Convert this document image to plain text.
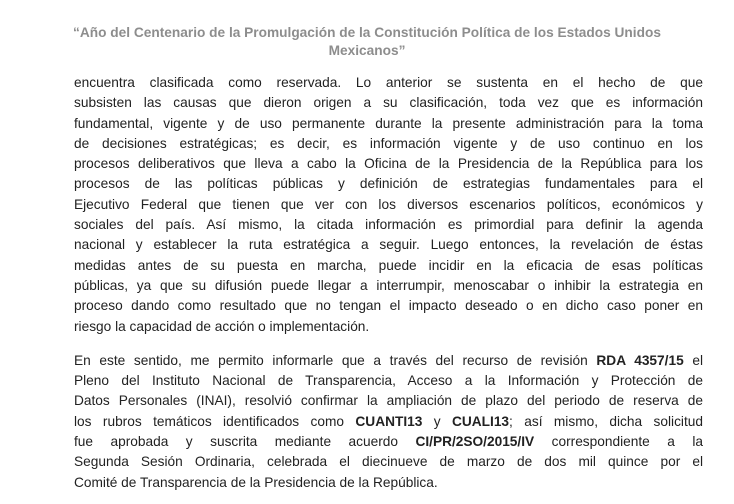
“Año del Centenario de la Promulgación de la Constitución Política de los Estados Unidos
Mexicanos”
encuentra clasificada como reservada. Lo anterior se sustenta en el hecho de que
subsisten las causas que dieron origen a su clasificación, toda vez que es información
fundamental, vigente y de uso permanente durante la presente administración para la toma
de decisiones estratégicas; es decir, es información vigente y de uso continuo en los
procesos deliberativos que lleva a cabo la Oficina de la Presidencia de la República para los
procesos de las políticas públicas y definición de estrategias fundamentales para el
Ejecutivo Federal que tienen que ver con los diversos escenarios políticos, económicos y
sociales del país. Así mismo, la citada información es primordial para definir la agenda
nacional y establecer la ruta estratégica a seguir. Luego entonces, la revelación de éstas
medidas antes de su puesta en marcha, puede incidir en la eficacia de esas políticas
públicas, ya que su difusión puede llegar a interrumpir, menoscabar o inhibir la estrategia en
proceso dando como resultado que no tengan el impacto deseado o en dicho caso poner en
riesgo la capacidad de acción o implementación.
En este sentido, me permito informarle que a través del recurso de revisión RDA 4357/15 el
Pleno del Instituto Nacional de Transparencia, Acceso a la Información y Protección de
Datos Personales (INAI), resolvió confirmar la ampliación de plazo del periodo de reserva de
los rubros temáticos identificados como CUANTI13 y CUALI13; así mismo, dicha solicitud
fue aprobada y suscrita mediante acuerdo CI/PR/2SO/2015/IV correspondiente a la
Segunda Sesión Ordinaria, celebrada el diecinueve de marzo de dos mil quince por el
Comité de Transparencia de la Presidencia de la República.
